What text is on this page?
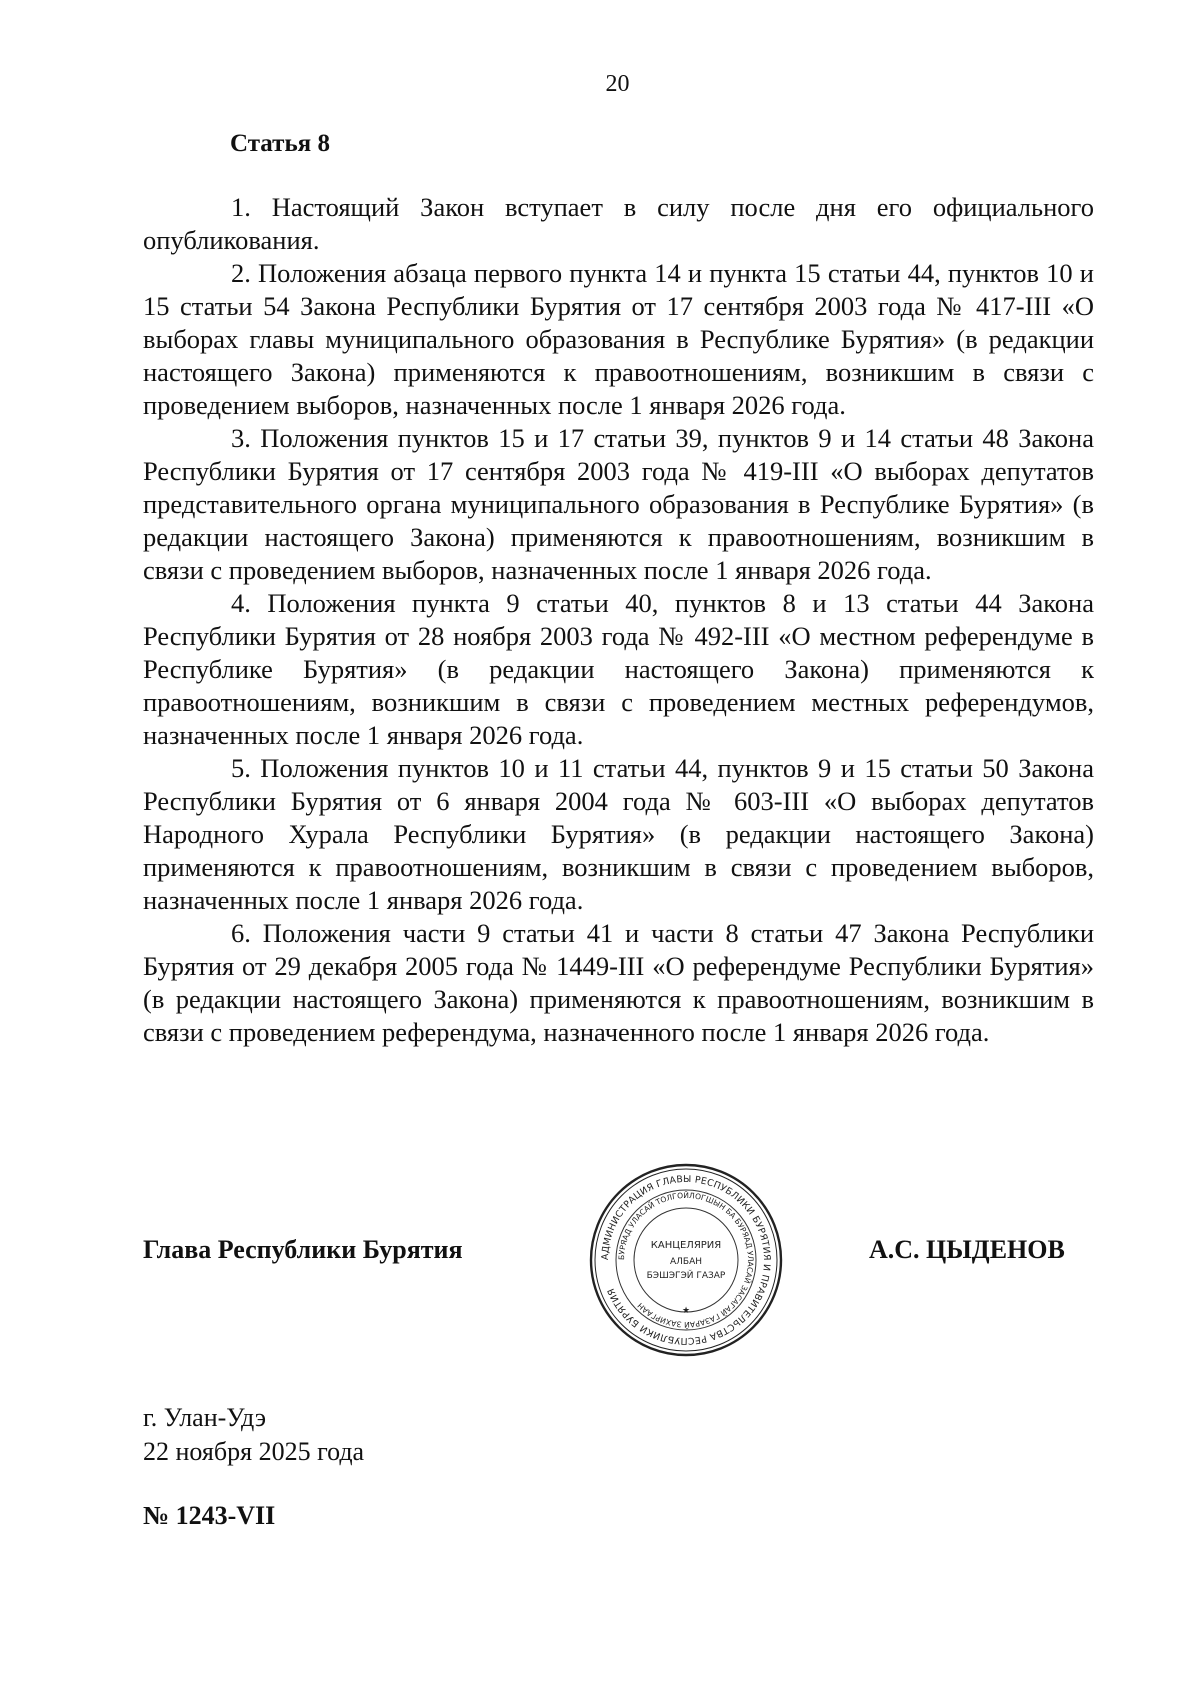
20
Статья 8

1. Настоящий Закон вступает в силу после дня его официального опубликования.

2. Положения абзаца первого пункта 14 и пункта 15 статьи 44, пунктов 10 и 15 статьи 54 Закона Республики Бурятия от 17 сентября 2003 года № 417-III «О выборах главы муниципального образования в Республике Бурятия» (в редакции настоящего Закона) применяются к правоотношениям, возникшим в связи с проведением выборов, назначенных после 1 января 2026 года.

3. Положения пунктов 15 и 17 статьи 39, пунктов 9 и 14 статьи 48 Закона Республики Бурятия от 17 сентября 2003 года № 419-III «О выборах депутатов представительного органа муниципального образования в Республике Бурятия» (в редакции настоящего Закона) применяются к правоотношениям, возникшим в связи с проведением выборов, назначенных после 1 января 2026 года.

4. Положения пункта 9 статьи 40, пунктов 8 и 13 статьи 44 Закона Республики Бурятия от 28 ноября 2003 года № 492-III «О местном референдуме в Республике Бурятия» (в редакции настоящего Закона) применяются к правоотношениям, возникшим в связи с проведением местных референдумов, назначенных после 1 января 2026 года.

5. Положения пунктов 10 и 11 статьи 44, пунктов 9 и 15 статьи 50 Закона Республики Бурятия от 6 января 2004 года № 603-III «О выборах депутатов Народного Хурала Республики Бурятия» (в редакции настоящего Закона) применяются к правоотношениям, возникшим в связи с проведением выборов, назначенных после 1 января 2026 года.

6. Положения части 9 статьи 41 и части 8 статьи 47 Закона Республики Бурятия от 29 декабря 2005 года № 1449-III «О референдуме Республики Бурятия» (в редакции настоящего Закона) применяются к правоотношениям, возникшим в связи с проведением референдума, назначенного после 1 января 2026 года.

Глава Республики Бурятия	АДМИНИСТРАЦИЯ ГЛАВЫ РЕСПУБЛИКИ БУРЯТИЯ И ПРАВИТЕЛЬСТВА РЕСПУБЛИКИ БУРЯТИЯ
БУРЯАД УЛАСАЙ ТОЛГОЙЛОГШЫН БА БУРЯАД УЛАСАЙ ЗАСАГАЙ ГАЗАРАЙ ЗАХИРГААН
КАНЦЕЛЯРИЯ
АЛБАН
БЭШЭГЭЙ ГАЗАР
★
А.С. ЦЫДЕНОВ
г. Улан-Удэ
22 ноября 2025 года
№ 1243-VII
